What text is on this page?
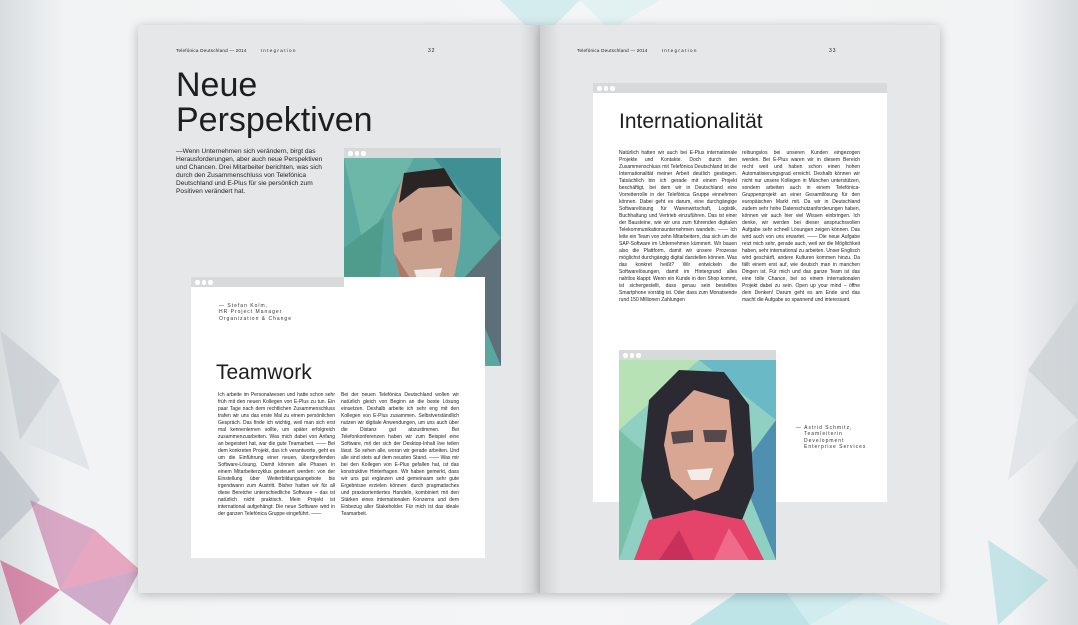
Telefónica Deutschland — 2014	Integration	32
Neue
Perspektiven

—Wenn Unternehmen sich verändern, birgt das Herausforderungen, aber auch neue Perspektiven und Chancen. Drei Mitarbeiter berichten, was sich durch den Zusammenschluss von Telefónica Deutschland und E-Plus für sie persönlich zum Positiven verändert hat.

— Stefan Kolm,
HR Project Manager
Organization & Change
Teamwork

Ich arbeite im Personalwesen und hatte schon sehr früh mit den neuen Kollegen von E-Plus zu tun. Ein paar Tage nach dem rechtlichen Zusammenschluss trafen wir uns das erste Mal zu einem persönlichen Gespräch. Das finde ich wichtig, weil man sich erst mal kennenlernen sollte, um später erfolgreich zusammenzuarbeiten. Was mich dabei von Anfang an begeistert hat, war die gute Teamarbeit. —— Bei dem konkreten Projekt, das ich verantworte, geht es um die Einführung einer neuen, übergreifenden Software-Lösung. Damit können alle Phasen in einem Mitarbeiterzyklus gesteuert werden: von der Einstellung über Weiterbildungsangebote bis irgendwann zum Austritt. Bisher hatten wir für all diese Bereiche unterschiedliche Software – das ist natürlich nicht praktisch. Mein Projekt ist international aufgehängt: Die neue Software wird in der ganzen Telefónica Gruppe eingeführt. ——

Bei der neuen Telefónica Deutschland wollen wir natürlich gleich von Beginn an die beste Lösung einsetzen. Deshalb arbeite ich sehr eng mit den Kollegen von E-Plus zusammen. Selbstverständlich nutzen wir digitale Anwendungen, um uns auch über die Distanz gut abzustimmen. Bei Telefonkonferenzen haben wir zum Beispiel eine Software, mit der sich der Desktop-Inhalt live teilen lässt. So sehen alle, woran wir gerade arbeiten. Und alle sind stets auf dem neusten Stand. —— Was mir bei den Kollegen von E-Plus gefallen hat, ist das konstruktive Hinterfragen. Wir haben gemerkt, dass wir uns gut ergänzen und gemeinsam sehr gute Ergebnisse erzielen können: durch pragmatisches und praxisorientiertes Handeln, kombiniert mit den Stärken eines internationalen Konzerns und dem Einbezug aller Stakeholder. Für mich ist das ideale Teamarbeit.

Telefónica Deutschland — 2014	Integration	33
Internationalität

Natürlich hatten wir auch bei E-Plus internationale Projekte und Kontakte. Doch durch den Zusammenschluss mit Telefónica Deutschland ist die Internationalität meiner Arbeit deutlich gestiegen. Tatsächlich bin ich gerade mit einem Projekt beschäftigt, bei dem wir in Deutschland eine Vorreiterrolle in der Telefónica Gruppe einnehmen können. Dabei geht es darum, eine durchgängige Softwarelösung für Warenwirtschaft, Logistik, Buchhaltung und Vertrieb einzuführen. Das ist einer der Bausteine, wie wir uns zum führenden digitalen Telekommunikationsunternehmen wandeln. —— Ich leite ein Team von zehn Mitarbeitern, das sich um die SAP-Software im Unternehmen kümmert. Wir bauen also die Plattform, damit wir unsere Prozesse möglichst durchgängig digital darstellen können. Was das konkret heißt? Wir entwickeln die Softwarelösungen, damit im Hintergrund alles nahtlos klappt: Wenn ein Kunde in den Shop kommt, ist sichergestellt, dass genau sein bestelltes Smartphone vorrätig ist. Oder dass zum Monatsende rund 150 Millionen Zahlungen

reibungslos bei unseren Kunden eingezogen werden. Bei E-Plus waren wir in diesem Bereich recht weit und haben schon einen hohen Automatisierungsgrad erreicht. Deshalb können wir nicht nur unsere Kollegen in München unterstützen, sondern arbeiten auch in einem Telefónica-Gruppenprojekt an einer Gesamtlösung für den europäischen Markt mit. Da wir in Deutschland zudem sehr hohe Datenschutzanforderungen haben, können wir auch hier viel Wissen einbringen. Ich denke, wir werden bei dieser anspruchsvollen Aufgabe sehr schnell Lösungen zeigen können. Das wird auch von uns erwartet. —— Die neue Aufgabe reizt mich sehr, gerade auch, weil wir die Möglichkeit haben, sehr international zu arbeiten. Unser Englisch wird geschärft, andere Kulturen kommen hinzu. Da fällt einem erst auf, wie deutsch man in manchen Dingen ist. Für mich und das ganze Team ist das eine tolle Chance, bei so einem internationalen Projekt dabei zu sein. Open up your mind – öffne dein Denken! Darum geht es am Ende und das macht die Aufgabe so spannend und interessant.

— Astrid Schmitz,
Teamleiterin
Development
Enterprise Services
